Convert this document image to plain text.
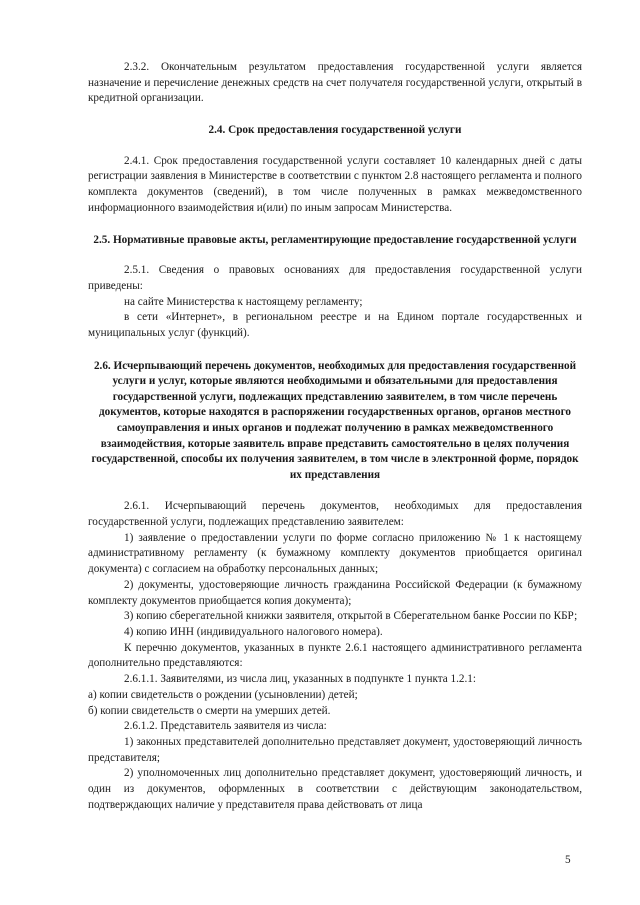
2.3.2. Окончательным результатом предоставления государственной услуги является назначение и перечисление денежных средств на счет получателя государственной услуги, открытый в кредитной организации.

2.4. Срок предоставления государственной услуги

2.4.1. Срок предоставления государственной услуги составляет 10 календарных дней с даты регистрации заявления в Министерстве в соответствии с пунктом 2.8 настоящего регламента и полного комплекта документов (сведений), в том числе полученных в рамках межведомственного информационного взаимодействия и(или) по иным запросам Министерства.

2.5. Нормативные правовые акты, регламентирующие предоставление государственной услуги

2.5.1. Сведения о правовых основаниях для предоставления государственной услуги приведены:

на сайте Министерства к настоящему регламенту;

в сети «Интернет», в региональном реестре и на Едином портале государственных и муниципальных услуг (функций).

2.6. Исчерпывающий перечень документов, необходимых для предоставления государственной услуги и услуг, которые являются необходимыми и обязательными для предоставления государственной услуги, подлежащих представлению заявителем, в том числе перечень документов, которые находятся в распоряжении государственных органов, органов местного самоуправления и иных органов и подлежат получению в рамках межведомственного взаимодействия, которые заявитель вправе представить самостоятельно в целях получения государственной, способы их получения заявителем, в том числе в электронной форме, порядок их представления

2.6.1. Исчерпывающий перечень документов, необходимых для предоставления государственной услуги, подлежащих представлению заявителем:

1) заявление о предоставлении услуги по форме согласно приложению № 1 к настоящему административному регламенту (к бумажному комплекту документов приобщается оригинал документа) с согласием на обработку персональных данных;

2) документы, удостоверяющие личность гражданина Российской Федерации (к бумажному комплекту документов приобщается копия документа);

3) копию сберегательной книжки заявителя, открытой в Сберегательном банке России по КБР;

4) копию ИНН (индивидуального налогового номера).

К перечню документов, указанных в пункте 2.6.1 настоящего административного регламента дополнительно представляются:

2.6.1.1. Заявителями, из числа лиц, указанных в подпункте 1 пункта 1.2.1:

а) копии свидетельств о рождении (усыновлении) детей;

б) копии свидетельств о смерти на умерших детей.

2.6.1.2. Представитель заявителя из числа:

1) законных представителей дополнительно представляет документ, удостоверяющий личность представителя;

2) уполномоченных лиц дополнительно представляет документ, удостоверяющий личность, и один из документов, оформленных в соответствии с действующим законодательством, подтверждающих наличие у представителя права действовать от лица

5
